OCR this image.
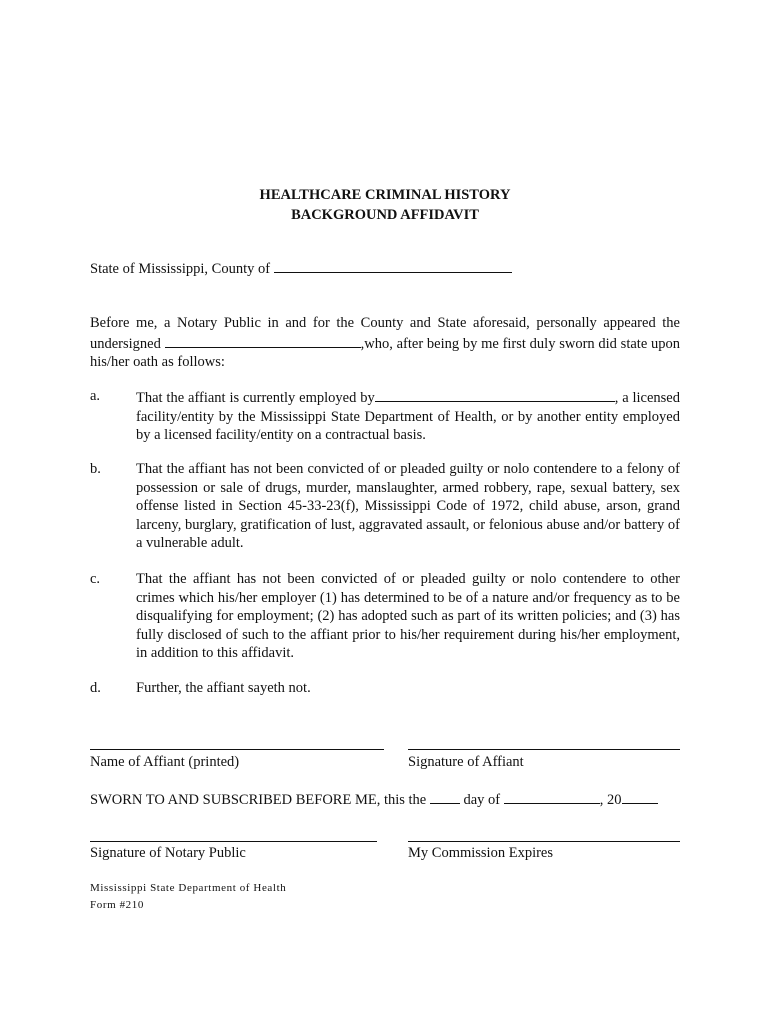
HEALTHCARE CRIMINAL HISTORY
BACKGROUND AFFIDAVIT
State of Mississippi, County of
Before me, a Notary Public in and for the County and State aforesaid, personally appeared the undersigned	,who, after being by me first duly sworn did state upon his/her oath as follows:
a. That the affiant is currently employed by	, a licensed facility/entity by the Mississippi State Department of Health, or by another entity employed by a licensed facility/entity on a contractual basis.
b. That the affiant has not been convicted of or pleaded guilty or nolo contendere to a felony of possession or sale of drugs, murder, manslaughter, armed robbery, rape, sexual battery, sex offense listed in Section 45-33-23(f), Mississippi Code of 1972, child abuse, arson, grand larceny, burglary, gratification of lust, aggravated assault, or felonious abuse and/or battery of a vulnerable adult.
c. That the affiant has not been convicted of or pleaded guilty or nolo contendere to other crimes which his/her employer (1) has determined to be of a nature and/or frequency as to be disqualifying for employment; (2) has adopted such as part of its written policies; and (3) has fully disclosed of such to the affiant prior to his/her requirement during his/her employment, in addition to this affidavit.
d. Further, the affiant sayeth not.
Name of Affiant (printed)	Signature of Affiant
SWORN TO AND SUBSCRIBED BEFORE ME, this the	day of	, 20
Signature of Notary Public	My Commission Expires
Mississippi State Department of Health
Form #210
